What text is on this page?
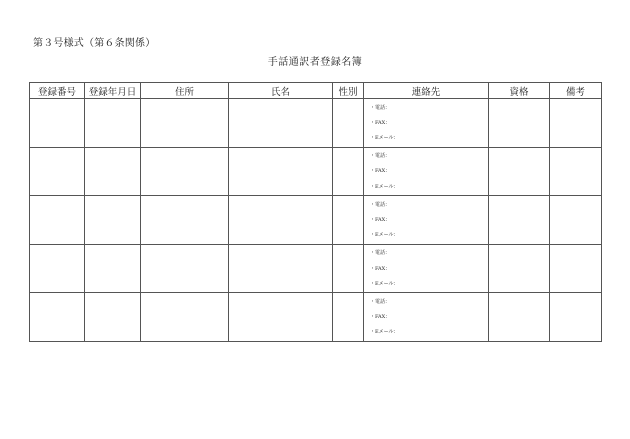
第３号様式（第６条関係）
手話通訳者登録名簿
登録番号	登録年月日	住所	氏名	性別	連絡先	資格	備考

					・電話：
・FAX：
・Eメール：		

					・電話：
・FAX：
・Eメール：		

					・電話：
・FAX：
・Eメール：		

					・電話：
・FAX：
・Eメール：		

					・電話：
・FAX：
・Eメール：		
